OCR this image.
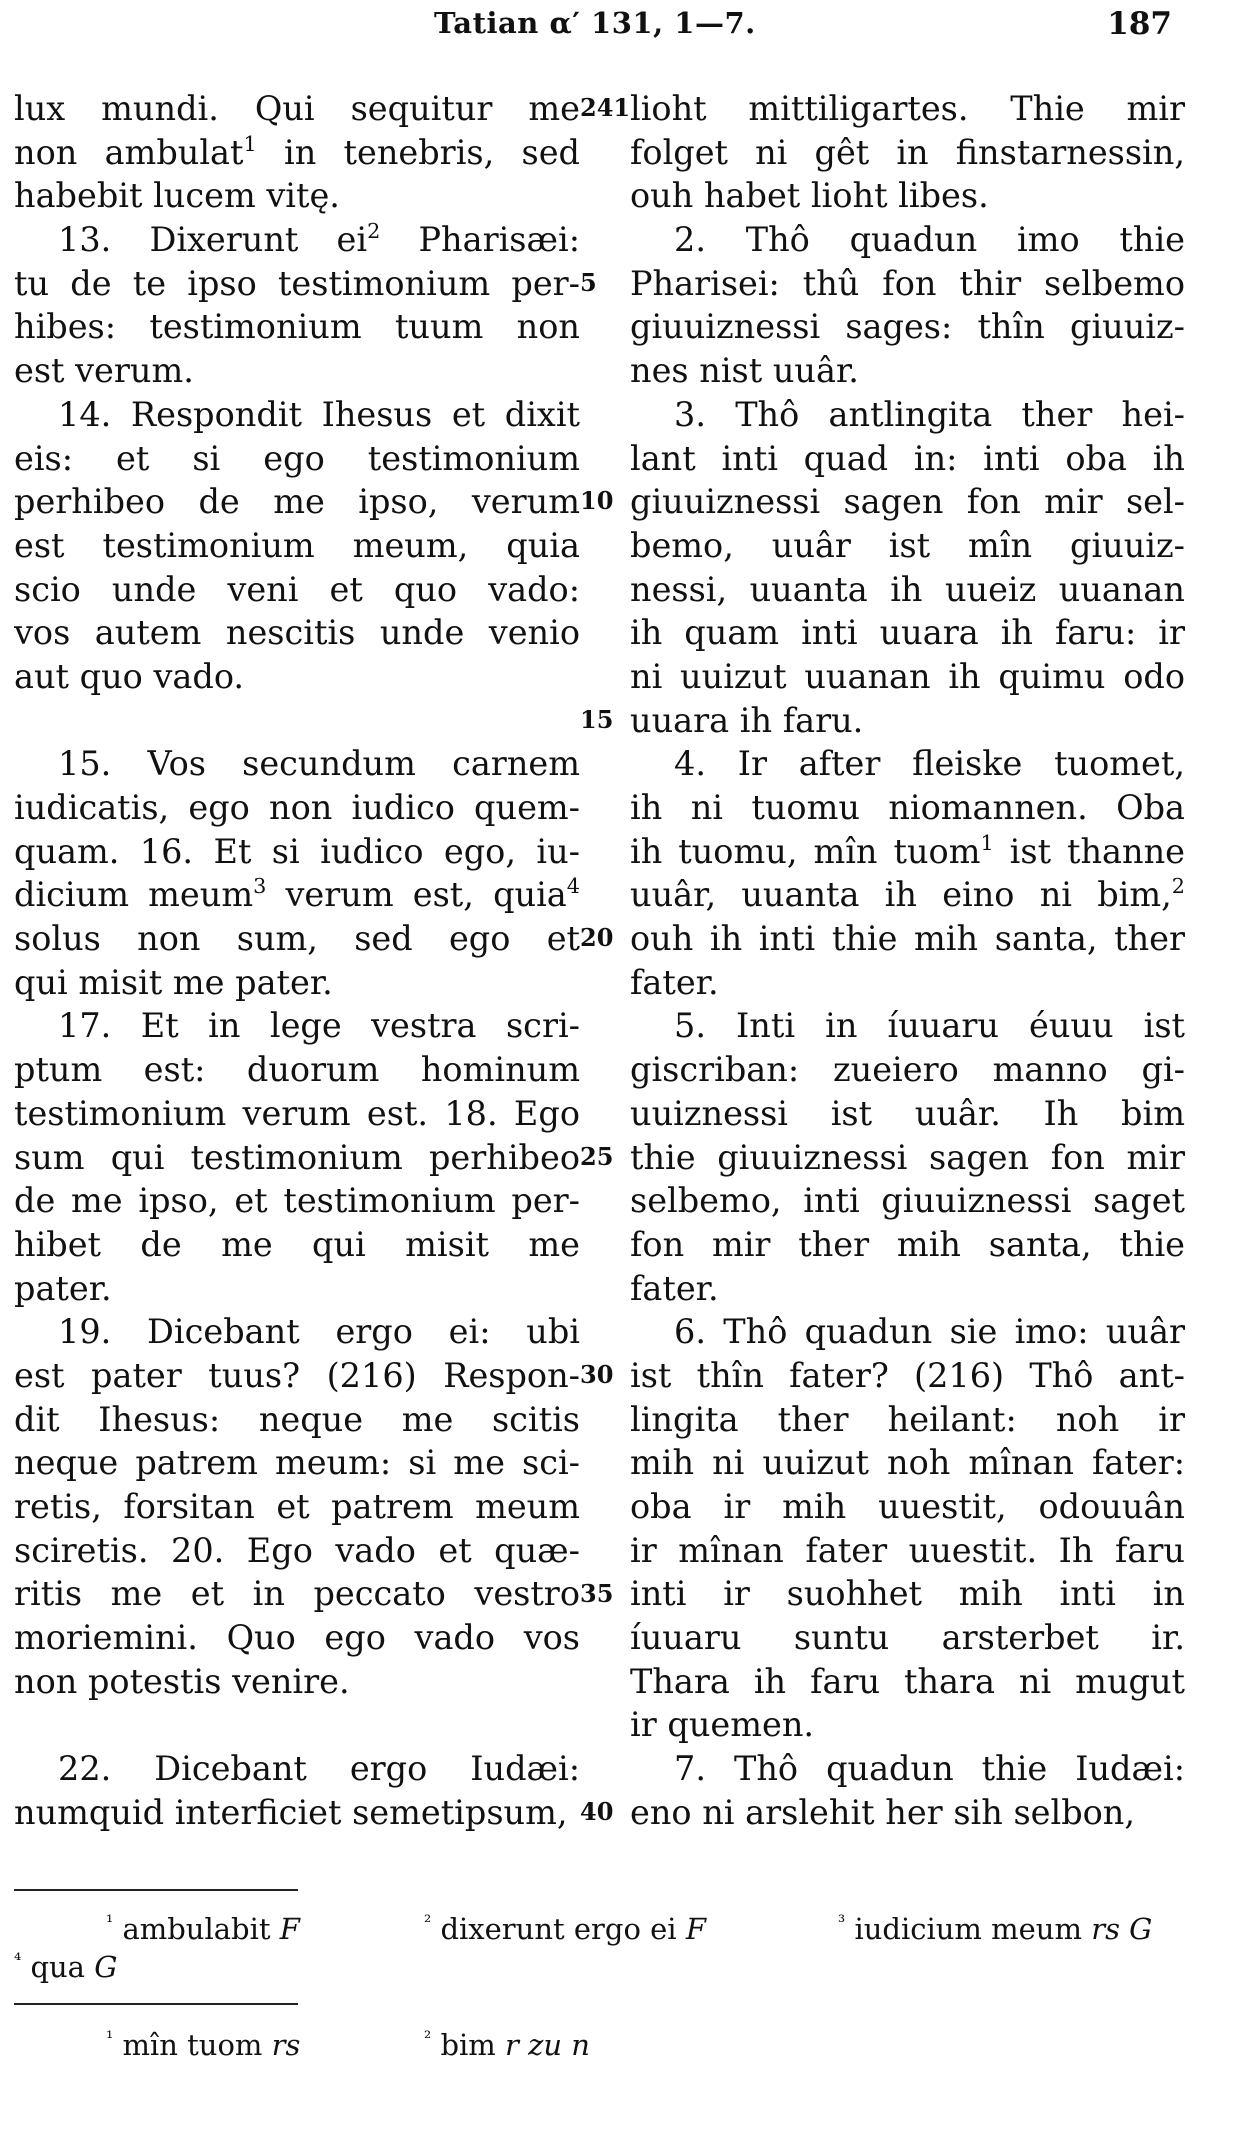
Tatian α′ 131, 1—7.	187
lux mundi. Qui sequitur me
non ambulat$^1$ in tenebris, sed
habebit lucem vitę.
13. Dixerunt $ei^2$ Pharisæi:
tu de te ipso testimonium per-
hibes: testimonium tuum non
est verum.
14. Respondit Ihesus et dixit
eis: et si ego testimonium
perhibeo de me ipso, verum
est testimonium meum, quia
scio unde veni et quo vado:
vos autem nescitis unde venio
aut quo vado.
15. Vos secundum carnem
iudicatis, ego non iudico quem-
quam. 16. Et si iudico ego, iu-
dicium meum$^3$ verum est, quia$^4$
solus non sum, sed ego et
qui misit me pater.
17. Et in lege vestra scri-
ptum est: duorum hominum
testimonium verum est. 18. Ego
sum qui testimonium perhibeo
de me ipso, et testimonium per-
hibet de me qui misit me
pater.
19. Dicebant ergo ei: ubi
est pater tuus? (216) Respon-
dit Ihesus: neque me scitis
neque patrem meum: si me sci-
retis, forsitan et patrem meum
sciretis. 20. Ego vado et quæ-
ritis me et in peccato vestro
moriemini. Quo ego vado vos
non potestis venire.
22. Dicebant ergo Iudæi:
numquid interficiet semetipsum,
241
5
10
15
20
25
30
35
40
lioht mittiligartes. Thie mir
folget ni gêt in finstarnessin,
ouh habet lioht libes.
2. Thô quadun imo thie
Pharisei: thû fon thir selbemo
giuuiznessi sages: thîn giuuiz-
nes nist uuâr.
3. Thô antlingita ther hei-
lant inti quad in: inti oba ih
giuuiznessi sagen fon mir sel-
bemo, uuâr ist mîn giuuiz-
nessi, uuanta ih uueiz uuanan
ih quam inti uuara ih faru: ir
ni uuizut uuanan ih quimu odo
uuara ih faru.
4. Ir after fleiske tuomet,
ih ni tuomu niomannen. Oba
ih tuomu, mîn tuom$^1$ ist thanne
uuâr, uuanta ih eino ni bim,$^2$
ouh ih inti thie mih santa, ther
fater.
5. Inti in íuuaru éuuu ist
giscriban: zueiero manno gi-
uuiznessi ist uuâr. Ih bim
thie giuuiznessi sagen fon mir
selbemo, inti giuuiznessi saget
fon mir ther mih santa, thie
fater.
6. Thô quadun sie imo: uuâr
ist thîn fater? (216) Thô ant-
lingita ther heilant: noh ir
mih ni uuizut noh mînan fater:
oba ir mih uuestit, odouuân
ir mînan fater uuestit. Ih faru
inti ir suohhet mih inti in
íuuaru suntu arsterbet ir.
Thara ih faru thara ni mugut
ir quemen.
7. Thô quadun thie Iudæi:
eno ni arslehit her sih selbon,
$^{^1}$ ambulabit F	$^{^2}$ dixerunt ergo ei F	$^{^3}$ iudicium meum rs G
$^{^4}$ qua G
$^{^1}$ mîn tuom rs	$^{^2}$ bim r zu n
